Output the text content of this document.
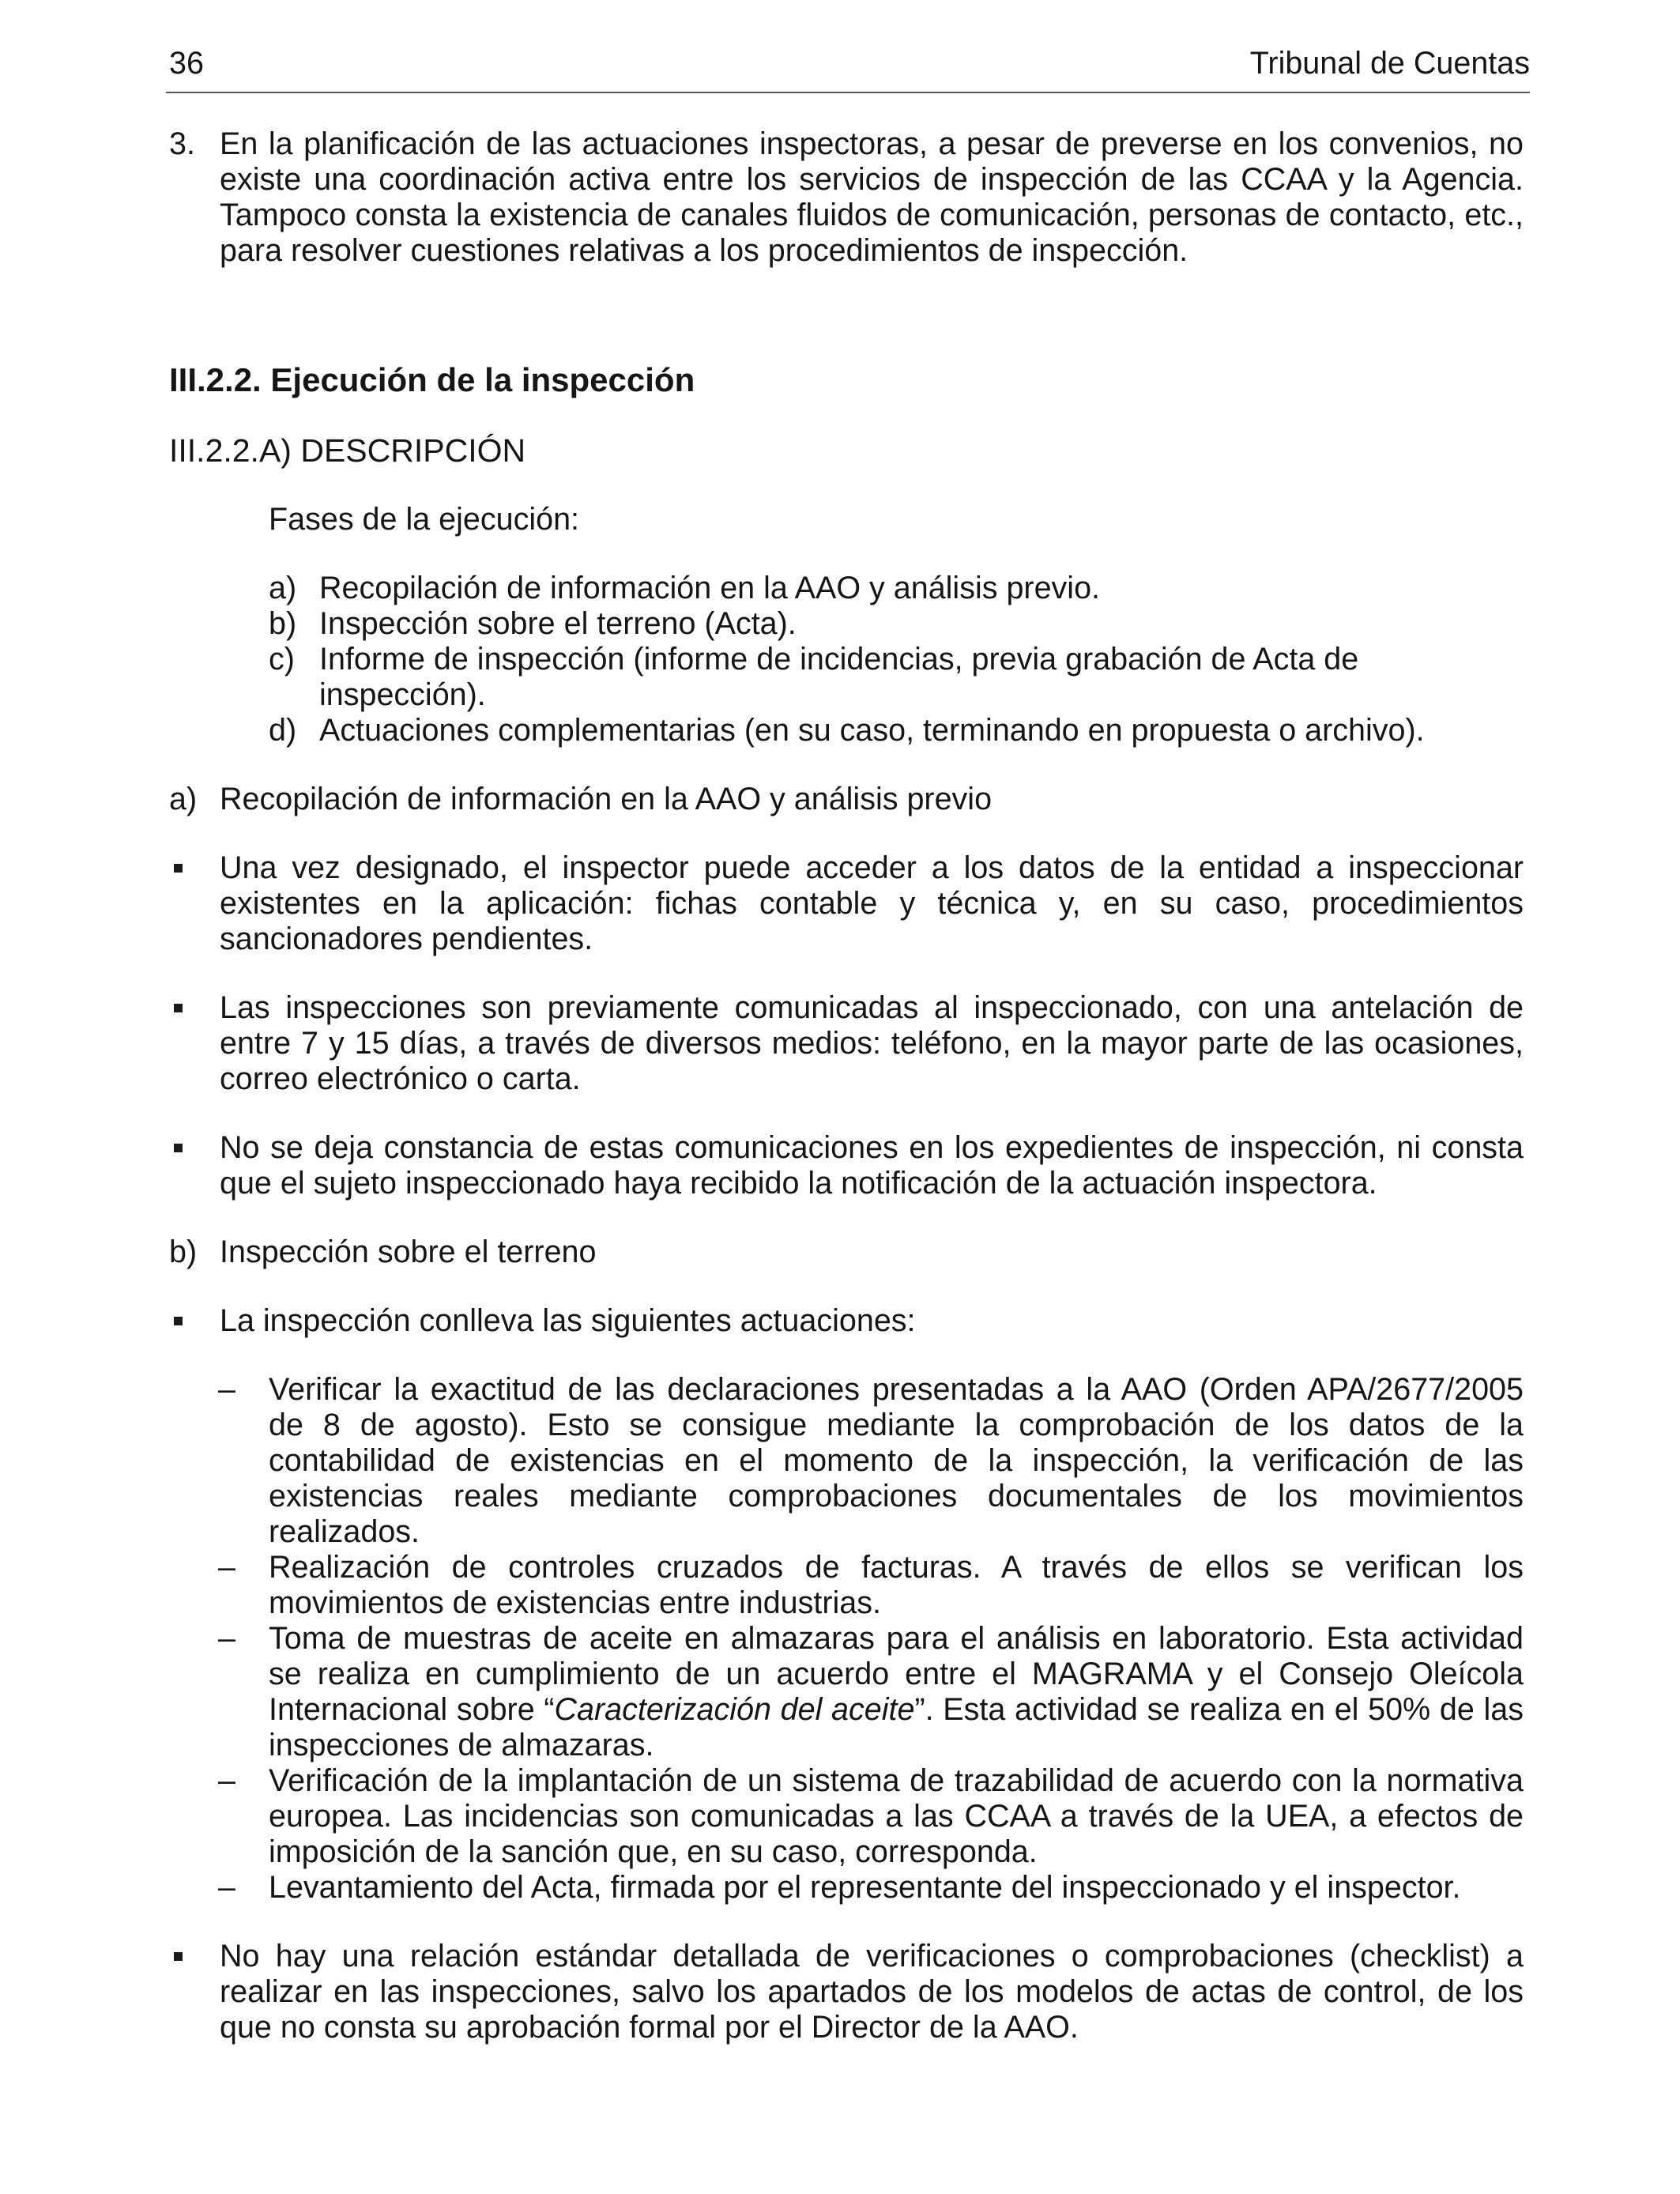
36	Tribunal de Cuentas
3. En la planificación de las actuaciones inspectoras, a pesar de preverse en los convenios, no existe una coordinación activa entre los servicios de inspección de las CCAA y la Agencia. Tampoco consta la existencia de canales fluidos de comunicación, personas de contacto, etc., para resolver cuestiones relativas a los procedimientos de inspección.
III.2.2. Ejecución de la inspección
III.2.2.A) DESCRIPCIÓN
Fases de la ejecución:
a) Recopilación de información en la AAO y análisis previo.
b) Inspección sobre el terreno (Acta).
c) Informe de inspección (informe de incidencias, previa grabación de Acta de inspección).
d) Actuaciones complementarias (en su caso, terminando en propuesta o archivo).
a) Recopilación de información en la AAO y análisis previo
Una vez designado, el inspector puede acceder a los datos de la entidad a inspeccionar existentes en la aplicación: fichas contable y técnica y, en su caso, procedimientos sancionadores pendientes.
Las inspecciones son previamente comunicadas al inspeccionado, con una antelación de entre 7 y 15 días, a través de diversos medios: teléfono, en la mayor parte de las ocasiones, correo electrónico o carta.
No se deja constancia de estas comunicaciones en los expedientes de inspección, ni consta que el sujeto inspeccionado haya recibido la notificación de la actuación inspectora.
b) Inspección sobre el terreno
La inspección conlleva las siguientes actuaciones:
– Verificar la exactitud de las declaraciones presentadas a la AAO (Orden APA/2677/2005 de 8 de agosto). Esto se consigue mediante la comprobación de los datos de la contabilidad de existencias en el momento de la inspección, la verificación de las existencias reales mediante comprobaciones documentales de los movimientos realizados.
– Realización de controles cruzados de facturas. A través de ellos se verifican los movimientos de existencias entre industrias.
– Toma de muestras de aceite en almazaras para el análisis en laboratorio. Esta actividad se realiza en cumplimiento de un acuerdo entre el MAGRAMA y el Consejo Oleícola Internacional sobre “Caracterización del aceite”. Esta actividad se realiza en el 50% de las inspecciones de almazaras.
– Verificación de la implantación de un sistema de trazabilidad de acuerdo con la normativa europea. Las incidencias son comunicadas a las CCAA a través de la UEA, a efectos de imposición de la sanción que, en su caso, corresponda.
– Levantamiento del Acta, firmada por el representante del inspeccionado y el inspector.
No hay una relación estándar detallada de verificaciones o comprobaciones (checklist) a realizar en las inspecciones, salvo los apartados de los modelos de actas de control, de los que no consta su aprobación formal por el Director de la AAO.
